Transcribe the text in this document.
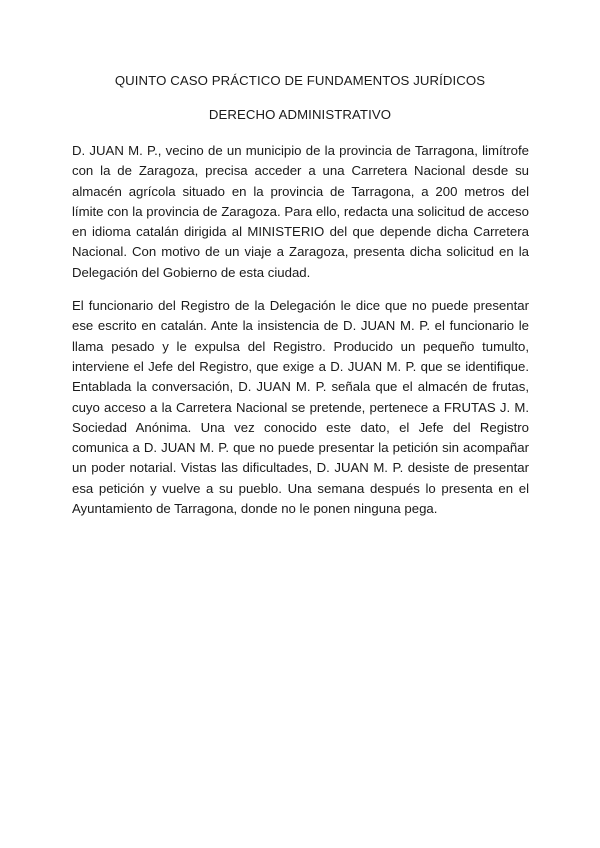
QUINTO CASO PRÁCTICO DE FUNDAMENTOS JURÍDICOS
DERECHO ADMINISTRATIVO

D. JUAN M. P., vecino de un municipio de la provincia de Tarragona, limítrofe con la de Zaragoza, precisa acceder a una Carretera Nacional desde su almacén agrícola situado en la provincia de Tarragona, a 200 metros del límite con la provincia de Zaragoza. Para ello, redacta una solicitud de acceso en idioma catalán dirigida al MINISTERIO del que depende dicha Carretera Nacional. Con motivo de un viaje a Zaragoza, presenta dicha solicitud en la Delegación del Gobierno de esta ciudad.

El funcionario del Registro de la Delegación le dice que no puede presentar ese escrito en catalán. Ante la insistencia de D. JUAN M. P. el funcionario le llama pesado y le expulsa del Registro. Producido un pequeño tumulto, interviene el Jefe del Registro, que exige a D. JUAN M. P. que se identifique. Entablada la conversación, D. JUAN M. P. señala que el almacén de frutas, cuyo acceso a la Carretera Nacional se pretende, pertenece a FRUTAS J. M. Sociedad Anónima. Una vez conocido este dato, el Jefe del Registro comunica a D. JUAN M. P. que no puede presentar la petición sin acompañar un poder notarial. Vistas las dificultades, D. JUAN M. P. desiste de presentar esa petición y vuelve a su pueblo. Una semana después lo presenta en el Ayuntamiento de Tarragona, donde no le ponen ninguna pega.
